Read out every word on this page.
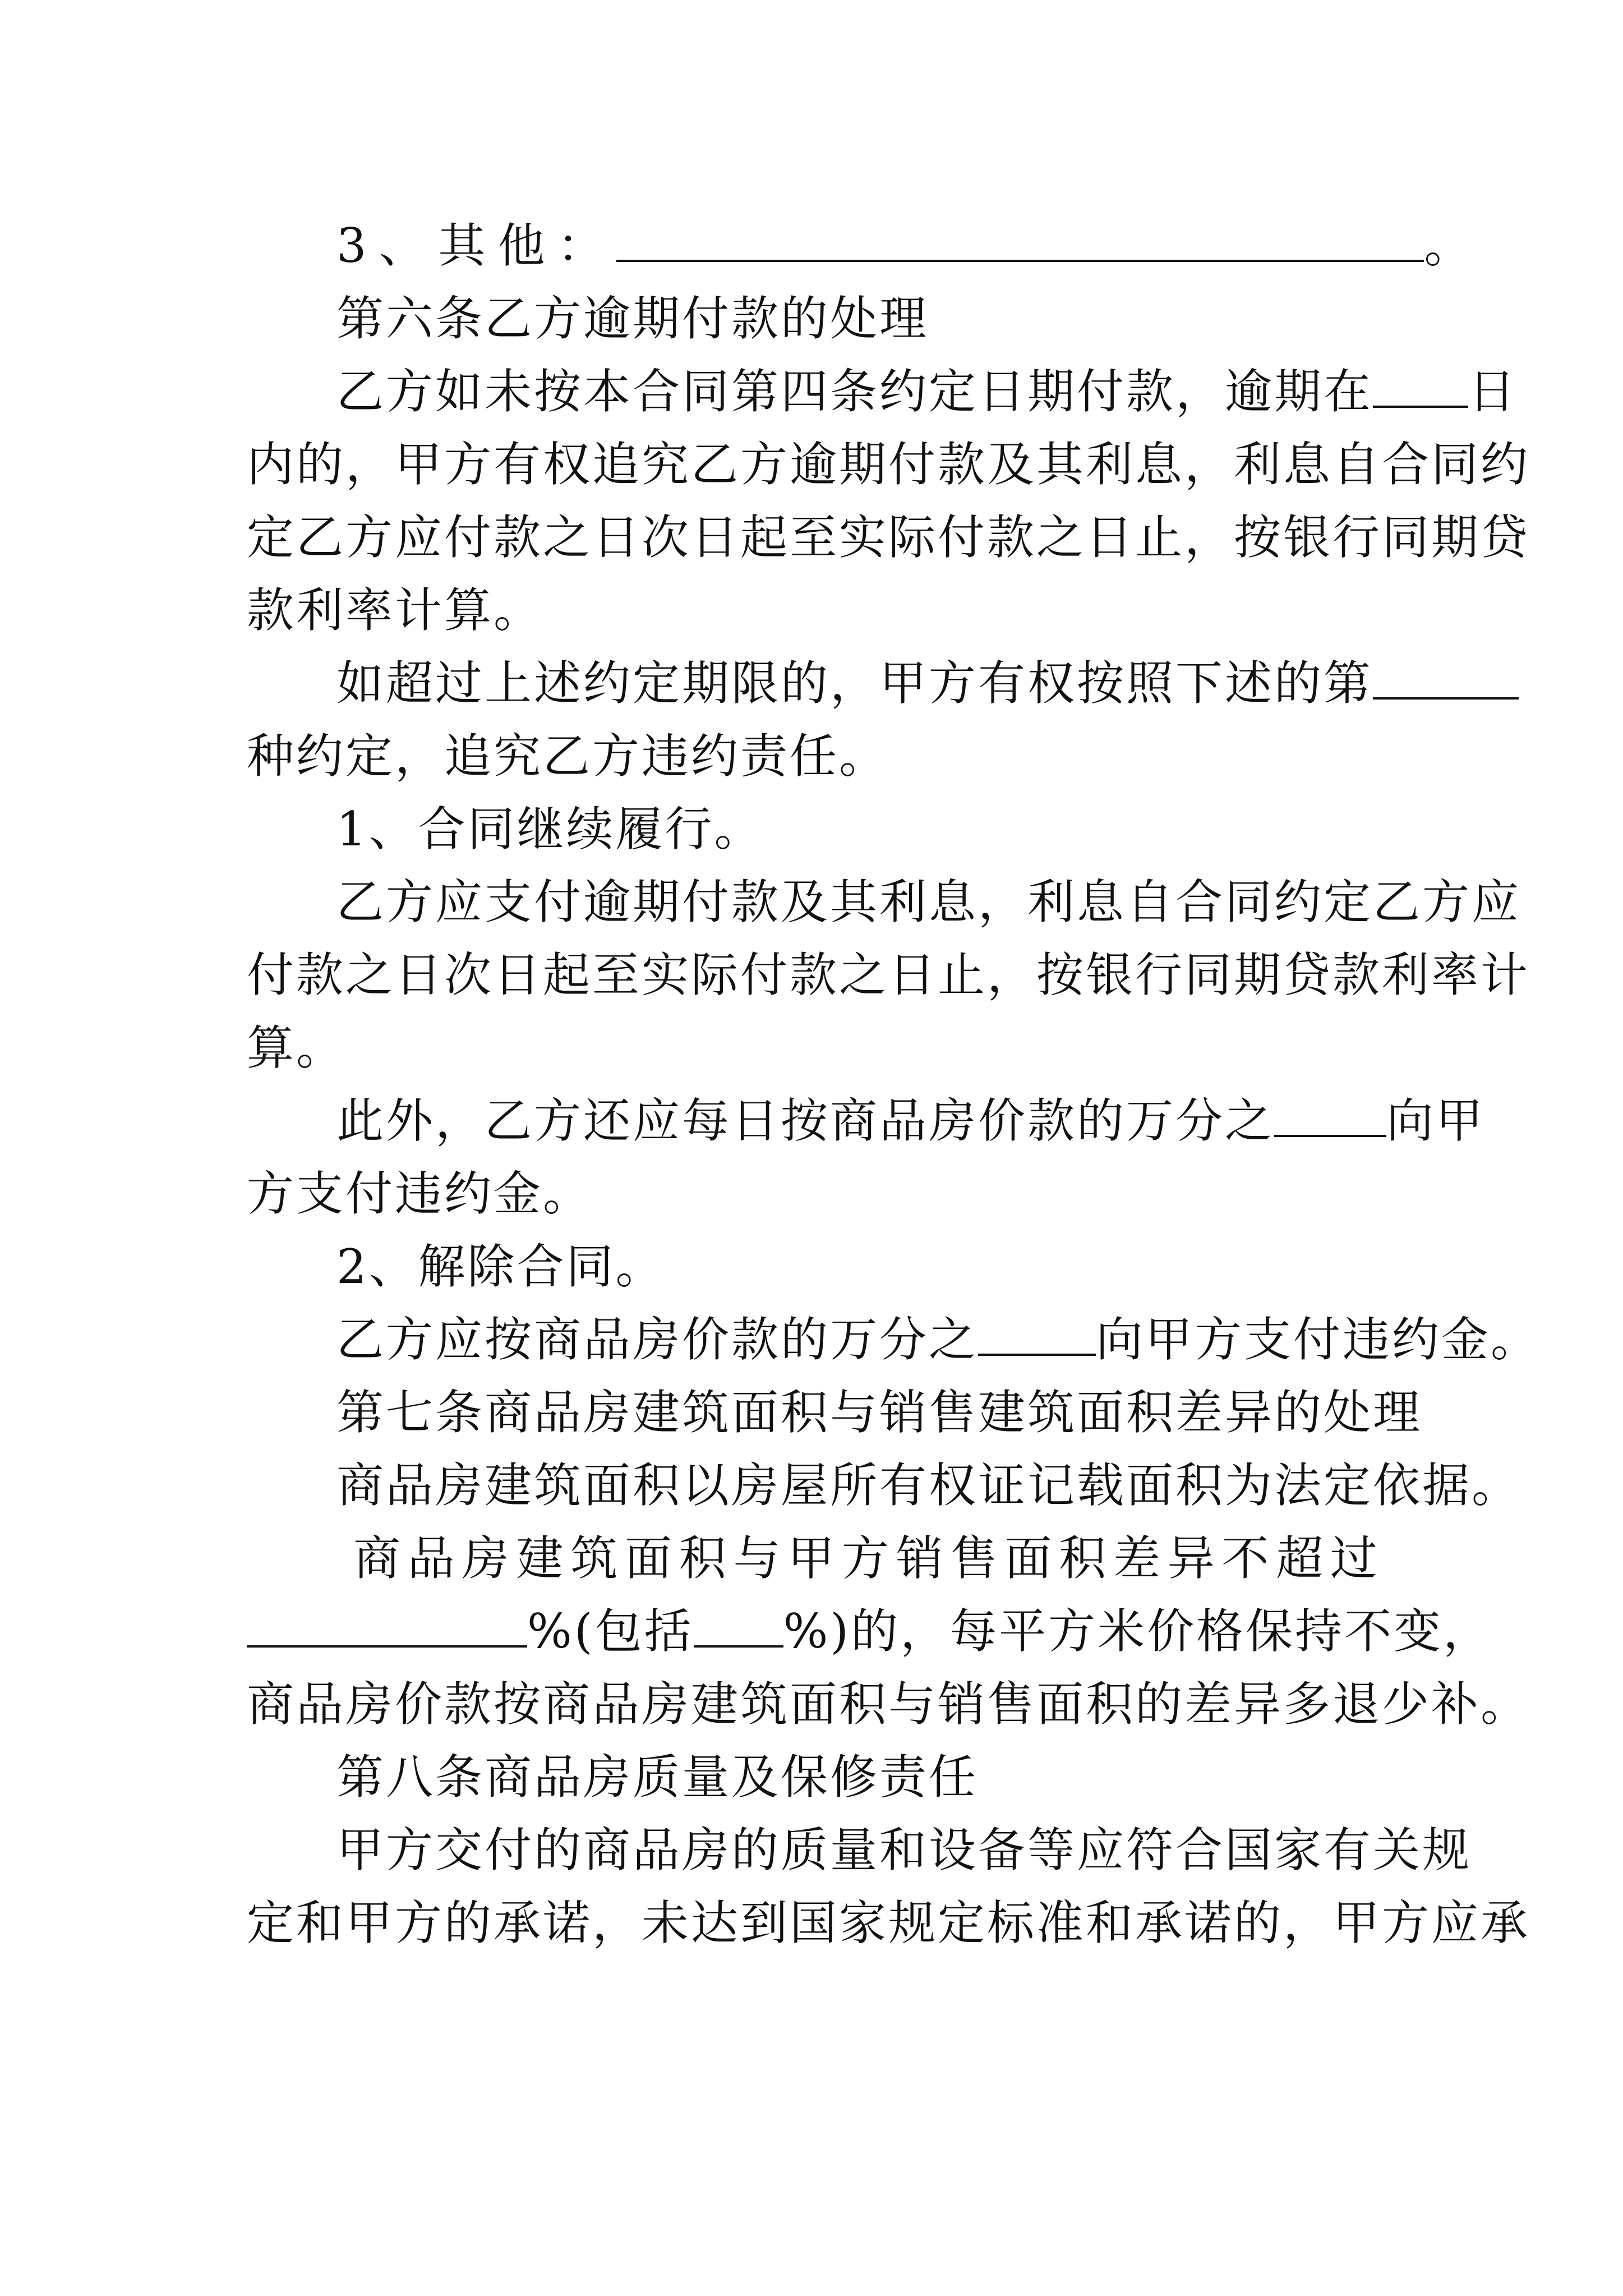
3、其他：	。
第六条乙方逾期付款的处理
乙方如未按本合同第四条约定日期付款，逾期在 日
内的，甲方有权追究乙方逾期付款及其利息，利息自合同约
定乙方应付款之日次日起至实际付款之日止，按银行同期贷
款利率计算。
如超过上述约定期限的，甲方有权按照下述的第
种约定，追究乙方违约责任。
1、合同继续履行。
乙方应支付逾期付款及其利息，利息自合同约定乙方应
付款之日次日起至实际付款之日止，按银行同期贷款利率计
算。
此外，乙方还应每日按商品房价款的万分之 向甲
方支付违约金。
2、解除合同。
乙方应按商品房价款的万分之	向甲方支付违约金。
第七条商品房建筑面积与销售建筑面积差异的处理
商品房建筑面积以房屋所有权证记载面积为法定依据。
商品房建筑面积与甲方销售面积差异不超过
%(包括 %)的，每平方米价格保持不变，
商品房价款按商品房建筑面积与销售面积的差异多退少补。
第八条商品房质量及保修责任
甲方交付的商品房的质量和设备等应符合国家有关规
定和甲方的承诺，未达到国家规定标准和承诺的，甲方应承
